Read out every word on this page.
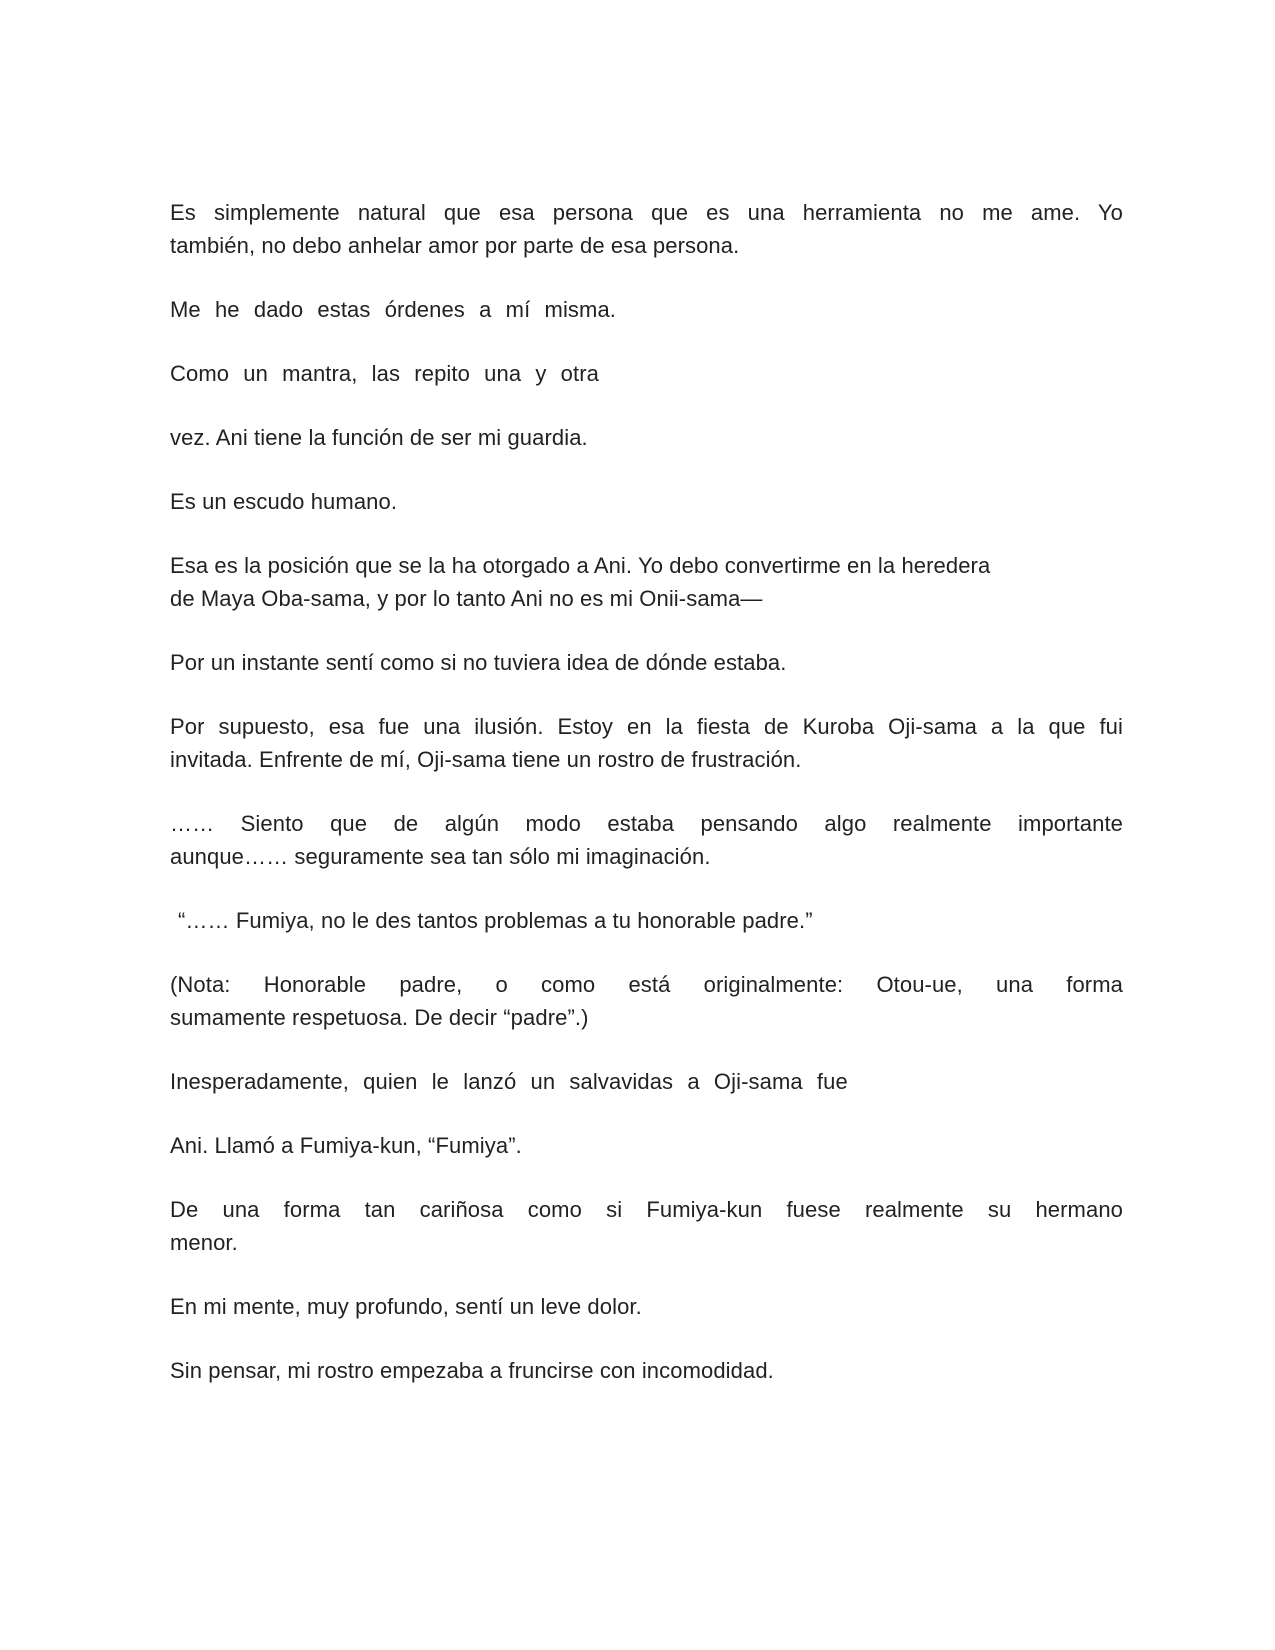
Es simplemente natural que esa persona que es una herramienta no me ame. Yo
también, no debo anhelar amor por parte de esa persona.
Me he dado estas órdenes a mí misma.
Como un mantra, las repito una y otra
vez. Ani tiene la función de ser mi guardia.
Es un escudo humano.
Esa es la posición que se la ha otorgado a Ani. Yo debo convertirme en la heredera
de Maya Oba-sama, y por lo tanto Ani no es mi Onii-sama—
Por un instante sentí como si no tuviera idea de dónde estaba.
Por supuesto, esa fue una ilusión. Estoy en la fiesta de Kuroba Oji-sama a la que fui
invitada. Enfrente de mí, Oji-sama tiene un rostro de frustración.
…… Siento que de algún modo estaba pensando algo realmente importante
aunque…… seguramente sea tan sólo mi imaginación.
“…… Fumiya, no le des tantos problemas a tu honorable padre.”
(Nota: Honorable padre, o como está originalmente: Otou-ue, una forma
sumamente respetuosa. De decir “padre”.)
Inesperadamente, quien le lanzó un salvavidas a Oji-sama fue
Ani. Llamó a Fumiya-kun, “Fumiya”.
De una forma tan cariñosa como si Fumiya-kun fuese realmente su hermano
menor.
En mi mente, muy profundo, sentí un leve dolor.
Sin pensar, mi rostro empezaba a fruncirse con incomodidad.
